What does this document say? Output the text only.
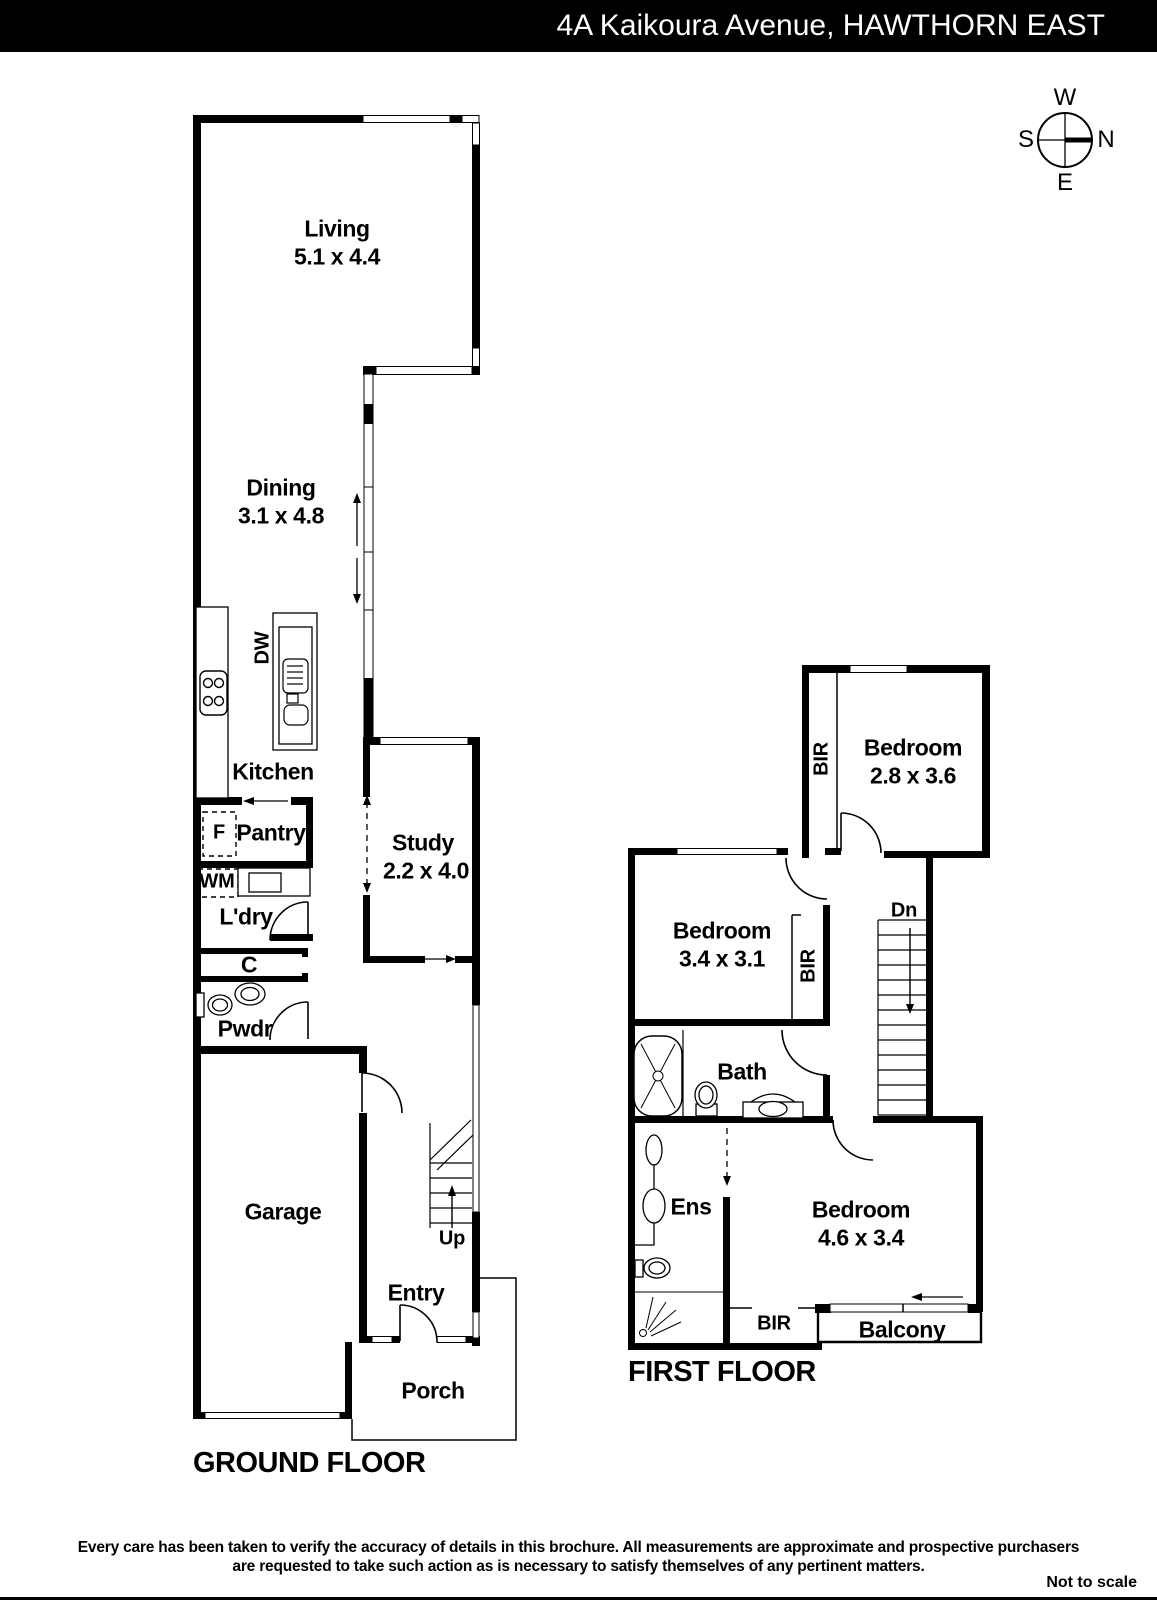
4A Kaikoura Avenue, HAWTHORN EAST
W
S	N
E
Living
5.1 x 4.4
Dining
3.1 x 4.8
DW
Kitchen
F Pantry
WM
L'dry
C
Pwdr
Study
2.2 x 4.0
Garage
Up
Entry
Porch
GROUND FLOOR
BIR Bedroom
2.8 x 3.6
Bedroom
3.4 x 3.1 BIR
Dn
Bath
Ens	Bedroom
4.6 x 3.4
BIR	Balcony
FIRST FLOOR
Every care has been taken to verify the accuracy of details in this brochure. All measurements are approximate and prospective purchasers
are requested to take such action as is necessary to satisfy themselves of any pertinent matters.
Not to scale
